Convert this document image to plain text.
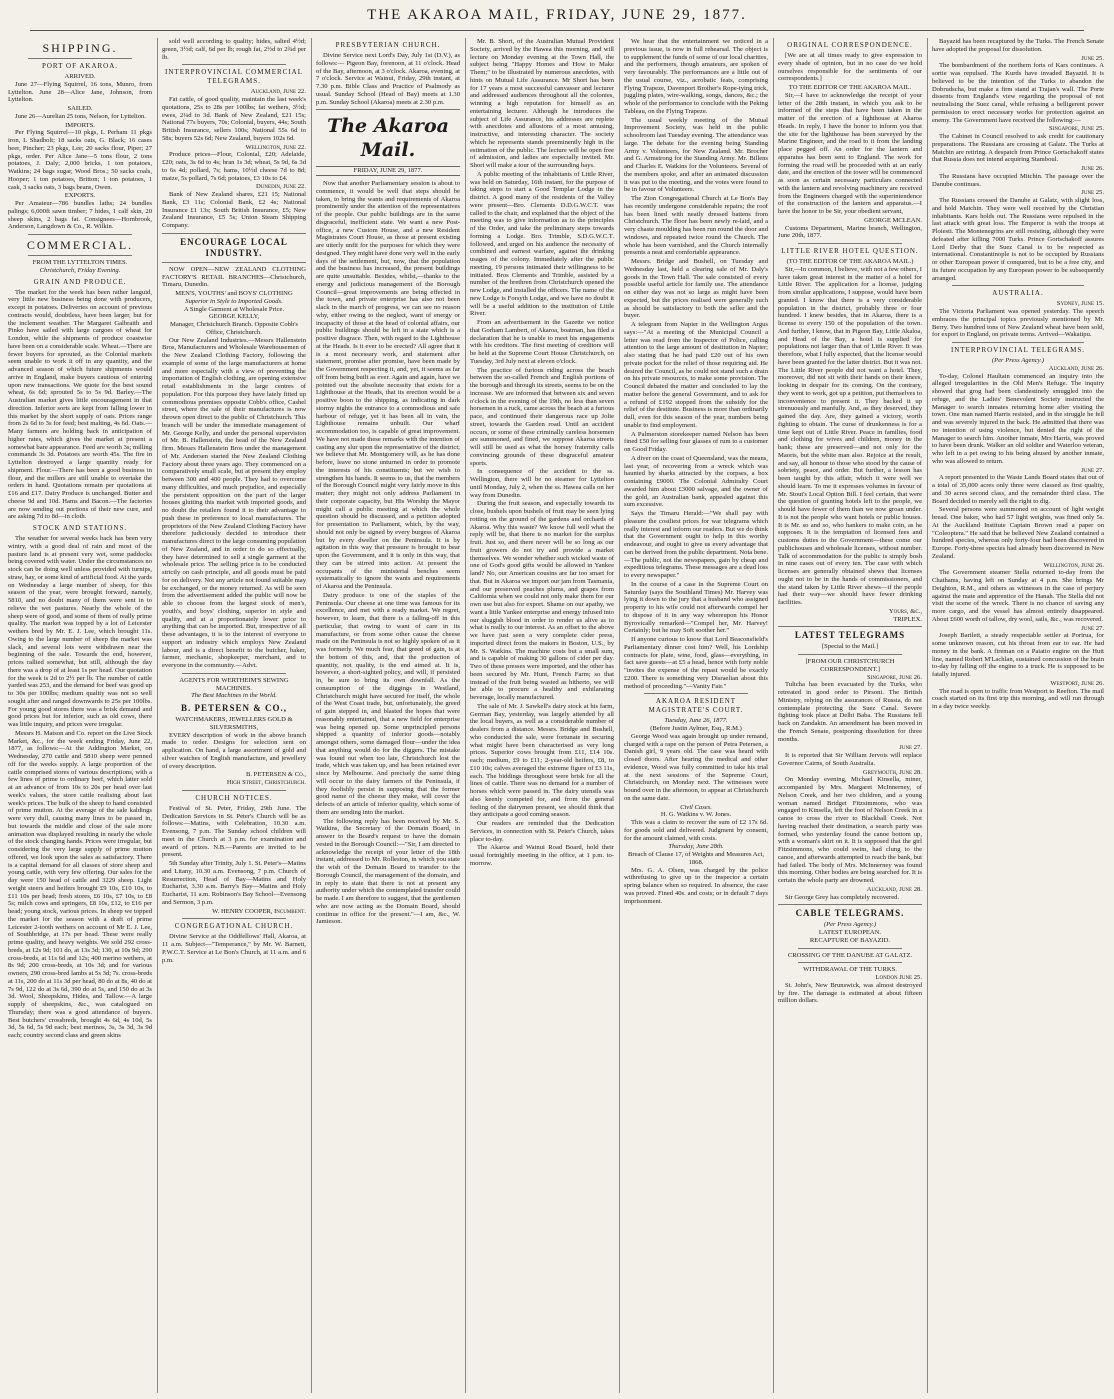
THE AKAROA MAIL, FRIDAY, JUNE 29, 1877.
SHIPPING.
PORT OF AKAROA.
ARRIVED.

June 27—Flying Squirrel, 16 tons, Munro, from Lyttelton. June 28—Alice Jane, Johnson, from Lyttelton.

SAILED.

June 26—Aurelian 25 tons, Nelson, for Lyttelton.

IMPORTS.

Per Flying Squirrel—10 pkgs, L Perham 11 pkgs iron, L Shadbolt; 18 sacks oats, G. Black; 16 cases beer, Pincher; 23 pkgs, Lee; 20 sacks flour, Piper; 27 pkgs, order. Per Alice Jane—5 tons flour, 2 tons potatoes, J. Daly; 2,000 bricks, 1 ton potatoes, Watkins; 24 bags sugar, Wood Bros.; 50 sacks coals, Hooper; 1 ton potatoes, Britton; 1 ton potatoes, 1 cask, 3 sacks oats, 3 bags beans, Owen.

EXPORTS.

Per Amateur—786 bundles laths; 24 bundles palings; 6,000ft sawn timber; 7 hides, 1 calf skin, 20 sheep skins, 2 bags fat. Consignees—Hornbrook, Anderson, Langdown & Co., R. Wilkin.

COMMERCIAL.
FROM THE LYTTELTON TIMES.
Christchurch, Friday Evening.
GRAIN AND PRODUCE.

The market for the week has been rather languid, very little new business being done with producers, except in potatoes. Deliveries on account of previous contracts would, doubtless, have been larger, but for the inclement weather. The Margaret Galbraith and Pinko have sailed with large cargoes of wheat for London, while the shipments of produce coastwise have been on a considerable scale. Wheat.—There are fewer buyers for sprouted, as the Colonial markets seem unable to work it off in any quantity, and the advanced season of which future shipments would arrive in England, make buyers cautious of entering upon new transactions. We quote for the best sound wheat, 6s 6d; sprouted 5s to 5s 9d. Barley.—The Australian market gives little encouragement in that direction. Inferior sorts are kept from falling lower in this market by the short supply of oats. Prices range from 2s 6d to 3s for feed; best malting, 4s 6d. Oats.—Many farmers are holding back in anticipation of higher rates, which gives the market at present a somewhat bare appearance. Feed are worth 3s; milling commands 3s 3d. Potatoes are worth 45s. The fire in Lyttelton destroyed a large quantity ready for shipment. Flour.—There has been a good business in flour, and the millers are still unable to overtake the orders in hand. Quotations remain per quotations at £16 and £17. Dairy Produce is unchanged. Butter and cheese 9d and 10d. Hams and Bacon.—The factories are now sending out portions of their new cure, and are asking 7d to 8d—in cloth.

STOCK AND STATIONS.

The weather for several weeks back has been very wintry, with a good deal of rain and most of the pasture land is at present very wet, some paddocks being covered with water. Under the circumstances no stock can be doing well unless provided with turnips, straw, hay, or some kind of artificial food. At the yards on Wednesday a large number of sheep, for this season of the year, were brought forward, namely, 5810, and no doubt many of them were sent in to relieve the wet pastures. Nearly the whole of the sheep were of good, and some of them of really prime quality. The market was topped by a lot of Leicester wethers bred by Mr. E. J. Lee, which brought 11s. Owing to the large number of sheep the market was slack, and several lots were withdrawn near the beginning of the sale. Towards the end, however, prices rallied somewhat, but still, although the day there was a drop of at least 1s per head. Our quotation for the week is 2d to 2½ per lb. The number of cattle yarded was 253, and the demand for beef was good up to 30s per 100lbs; medium quality was not so well sought after and ranged downwards to 25s per 100lbs. For young good stores there was a brisk demand and good prices but for inferior, such as old cows, there was little inquiry, and prices were irregular.

Messrs H. Matson and Co. report on the Live Stock Market, &c., for the week ending Friday, June 22, 1877, as follows:—At the Addington Market, on Wednesday, 270 cattle and 5810 sheep were penned off for the weeks supply. A large proportion of the cattle comprised stores of various descriptions, with a few lines of prime to ordinary beef, which latter sold at an advance of from 10s to 20s per head over last week's values, the store cattle realising about last week's prices. The bulk of the sheep to hand consisted of prime mutton. At the average of the sale kaldings were very dull, causing many lines to be passed in, but towards the middle and close of the sale more animation was displayed resulting in nearly the whole of the stock changing hands. Prices were irregular, but considering the very large supply of prime mutton offered, we look upon the sales as satisfactory. There is a capital demand for all classes of store sheep and young cattle, with very few offering. Our sales for the day were 150 head of cattle and 3229 sheep. Light weight steers and heifers brought £9 10s, £10 10s, to £11 10s per head; fresh stores, £6 10s, £7 10s, to £8 5s; milch cows and springers, £8 10s, £12, to £16 per head; young stock, various prices. In sheep we topped the market for the season with a draft of prime Leicester 2-tooth wethers on account of Mr E. J. Lee, of Southbridge, at 17s per head. These were really prime quality, and heavy weights. We sold 292 cross-breds, at 12s 9d; 101 do, at 13s 3d; 130, at 10s 9d; 290 cross-breds, at 11s 6d and 12s; 400 merino wethers, at 8s 9d; 200 cross-breds, at 10s 3d; and for various owners, 290 cross-bred lambs at 5s 3d; 7s. cross-breds at 11s, 200 do at 11s 3d per head, 80 do at 8s, 40 do at 7s 9d, 122 do at 3s 6d, 390 do at 5s, and 150 do at 3s 3d. Wool, Sheepskins, Hides, and Tallow.—A large supply of sheepskins, &c., was catalogued on Thursday; there was a good attendance of buyers. Best butchers' crossbreds, brought 4s 6d, 4s 10d, 5s 3d, 5s 6d, 5s 9d each; best merinos, 3s, 3s 3d, 3s 9d each; country second class and green skins

sold well according to quality; hides, salted 4½d; green, 3½d; calf, 6d per lb; rough fat, 2½d to 2¾d per lb.

INTERPROVINCIAL COMMERCIAL TELEGRAMS.
Auckland, June 22.

Fat cattle, of good quality, maintain the last week's quotations, 25s to 28s per 100lbs; fat wethers, 3½d; ewes, 2¼d to 3d. Bank of New Zealand, £21 15s; National 77s buyers, 70s; Colonial, buyers, 44s; South British Insurance, sellers 100s; National 55s 6d to 58s; buyers 52s 6d; New Zealand, buyers 102s 6d.

Wellington, June 22.

Produce prices—Flour, Colonial, £20; Adelaide, £20; oats, 3s 6d to 4s; bran 1s 3d; wheat, 5s 9d, 6s 3d to 6s 4d; pollard, 7s; hams, 10½d cheese 7d to 8d; maize, 5s pollard, 7s 6d; potatoes, £3 10s to £4.

Dunedin, June 22.

Bank of New Zealand shares, £21 15; National Bank, £3 11s; Colonial Bank, £2 4s; National Insurance £1 13s; South British Insurance, £5; New Zealand Insurance, £5 5s; Union Steam Shipping Company.

ENCOURAGE LOCAL INDUSTRY.

NOW OPEN—NEW ZEALAND CLOTHING FACTORY'S RETAIL BRANCHES—Christchurch, Timaru, Dunedin.

MEN'S, YOUTHS' and BOYS' CLOTHING
Superior in Style to Imported Goods.
A Single Garment at Wholesale Price.
GEORGE KELLY,
Manager, Christchurch Branch. Opposite Cobb's Office, Christchurch.

Our New Zealand Industries.—Messrs Hallenstein Bros, Manufacturers and Wholesale Warehousemen of the New Zealand Clothing Factory, following the example of some of the large manufacturers at home and more especially with a view of preventing the importation of English clothing, are opening extensive retail establishments in the large centres of population. For this purpose they have lately fitted up commodious premises opposite Cobb's office, Cashel street, where the sale of their manufactures is now thrown open direct to the public of Christchurch. This branch will be under the immediate management of Mr. George Kelly, and under the personal supervision of Mr. B. Hallenstein, the head of the New Zealand firm. Messrs Hallenstein Bros under the management of Mr. Andersen started the New Zealand Clothing Factory about three years ago. They commenced on a comparatively small scale, but at present they employ between 300 and 400 people. They had to overcome many difficulties, and much prejudice, and especially the persistent opposition on the part of the larger houses glutting this market with imported goods, and no doubt the retailers found it to their advantage to push these in preference to local manufactures. The proprietors of the New Zealand Clothing Factory have therefore judiciously decided to introduce their manufactures direct to the large consuming population of New Zealand, and in order to do so effectually, they have determined to sell a single garment at the wholesale price. The selling price is to be conducted strictly on cash principle, and all goods must be paid for on delivery. Not any article not found suitable may be exchanged, or the money returned. As will be seen from the advertisement added the public will now be able to choose from the largest stock of men's, youth's, and boys' clothing, superior in style and quality, and at a proportionately lower price to anything that can be imported. But, irrespective of all these advantages, it is to the interest of everyone to support an industry which employs New Zealand labour, and is a direct benefit to the butcher, baker, farmer, mechanic, shopkeeper, merchant, and to everyone in the community.—Advt.

AGENTS FOR WERTHEIM'S SEWING MACHINES.
The Best Machines in the World.
B. PETERSEN & CO.,
WATCHMAKERS, JEWELLERS GOLD & SILVERSMITHS,

EVERY description of work in the above branch made to order. Designs for selection sent on application. On hand, a large assortment of gold and silver watches of English manufacture, and jewellery of every description.

B. PETERSEN & Co.,
High Street, Christchurch.
CHURCH NOTICES.

Festival of St. Peter, Friday, 29th June. The Dedication Services in St. Peter's Church will be as follows:—Matins, with Celebration, 10.30 a.m. Evensong, 7 p.m. The Sunday school children will meet in the Church at 3 p.m. for examination and award of prizes. N.B.—Parents are invited to be present.

5th Sunday after Trinity, July 1. St. Peter's—Matins and Litany, 10.30 a.m. Evensong, 7 p.m. Church of Resurrection, Head of Bay—Matins and Holy Eucharist, 3.30 a.m. Barry's Bay—Matins and Holy Eucharist, 11 a.m. Robinson's Bay School—Evensong and Sermon, 3 p.m.

W. HENRY COOPER, Incumbent.
CONGREGATIONAL CHURCH.

Divine Service at the Oddfellows' Hall, Akaroa, at 11 a.m. Subject—"Temperance," by Mr. W. Barnett, P.W.C.T. Service at Le Bon's Church, at 11 a.m. and 6 p.m.

PRESBYTERIAN CHURCH.

Divine Service next Lord's Day, July 1st (D.V.), as follows:— Pigeon Bay, forenoon, at 11 o'clock. Head of the Bay, afternoon, at 3 o'clock. Akaroa, evening, at 7 o'clock. Service at Wainui, Friday, 29th instant, at 7.30 p.m. Bible Class and Practice of Psalmody as usual. Sunday School (Head of Bay) meets at 1.30 p.m. Sunday School (Akaroa) meets at 2.30 p.m.

The Akaroa Mail.
FRIDAY, JUNE 29, 1877.

Now that another Parliamentary session is about to commence, it would be well that steps should be taken, to bring the wants and requirements of Akaroa prominently under the attention of the representatives of the people. Our public buildings are in the same disgraceful, inefficient state. We want a new Post-office, a new Custom House, and a new Resident Magistrates Court House, as those at present existing are utterly unfit for the purposes for which they were designed. They might have done very well in the early days of the settlement, but, now, that the population and the business has increased, the present buildings are quite unsuitable. Besides, whilst,—thanks to the energy and judicious management of the Borough Council—great improvements are being effected in the town, and private enterprise has also not been slack in the march of progress, we can see no reason why, either owing to the neglect, want of energy or incapacity of those at the head of colonial affairs, our public buildings should be left in a state which is a positive disgrace. Then, with regard to the Lighthouse at the Heads. Is it ever to be erected? All agree that it is a most necessary work, and statement after statement, promise after promise, have been made by the Government respecting it, and, yet, it seems as far off from being built as ever. Again and again, have we pointed out the absolute necessity that exists for a Lighthouse at the Heads, that its erection would be a positive boon to the shipping, as indicating in dark stormy nights the entrance to a commodious and safe harbour of refuge, yet it has been all in vain, the Lighthouse remains unbuilt. Our wharf accommodation too, is capable of great improvement. We have not made these remarks with the intention of casting any slur upon the representative of the district; we believe that Mr. Montgomery will, as he has done before, leave no stone unturned in order to promote the interests of his constituents; but we wish to strengthen his hands. It seems to us, that the members of the Borough Council might very fairly move in this matter; they might not only address Parliament in their corporate capacity, but His Worship the Mayor might call a public meeting at which the whole question should be discussed, and a petition adopted for presentation to Parliament, which, by the way, should not only be signed by every burgess of Akaroa but by every dweller on the Peninsula. It is by agitation in this way that pressure is brought to bear upon the Government, and it is only in this way, that they can be stirred into action. At present the occupants of the ministerial benches seem systematically to ignore the wants and requirements of Akaroa and the Peninsula.

Dairy produce is one of the staples of the Peninsula. Our cheese at one time was famous for its excellence, and met with a ready market. We regret, however, to learn, that there is a falling-off in this particular, that owing to want of care in its manufacture, or from some other cause the cheese made on the Peninsula is not so highly spoken of as it was formerly. We much fear, that greed of gain, is at the bottom of this, and, that the production of quantity, not quality, is the end aimed at. It is, however, a short-sighted policy, and will, if persisted in, be sure to bring its own downfall. As the consumption of the diggings in Westland, Christchurch might have secured for itself, the whole of the West Coast trade, but, unfortunately, the greed of gain stepped in, and blasted the hopes that were reasonably entertained, that a new field for enterprise was being opened up. Some unprincipled persons shipped a quantity of inferior goods—notably amongst others, some damaged flour—under the idea that anything would do for the diggers. The mistake was found out when too late, Christchurch lost the trade, which was taken up, and has been retained ever since by Melbourne. And precisely the same thing will occur to the dairy farmers of the Peninsula, if they foolishly persist in supposing that the former good name of the cheese they make, will cover the defects of an article of inferior quality, which some of them are sending into the market.

The following reply has been received by Mr. S. Watkins, the Secretary of the Domain Board, in answer to the Board's request to have the domain vested in the Borough Council:—"Sir, I am directed to acknowledge the receipt of your letter of the 18th instant, addressed to Mr. Rolleston, in which you state the wish of the Domain Board to transfer to the Borough Council, the management of the domain, and in reply to state that there is not at present any authority under which the contemplated transfer could be made. I am therefore to suggest, that the gentlemen who are now acting as the Domain Board, should continue in office for the present."—I am, &c., W. Jamieson.

Mr. B. Short, of the Australian Mutual Provident Society, arrived by the Hawea this morning, and will lecture on Monday evening at the Town Hall, the subject being "Happy Homes and How to Make Them;" to be illustrated by numerous anecdotes, with hints on Mutual Life Assurance. Mr Short has been for 17 years a most successful canvasser and lecturer and addressed audiences throughout all the colonies, winning a high reputation for himself as an entertaining lecturer. Although he introduces the subject of Life Assurance, his addresses are replete with anecdotes and allusions of a most amusing, instructive, and interesting character. The society which he represents stands preeminently high in the estimation of the public. The lecture will be open free of admission, and ladies are especially invited. Mr. Short will make a tour of the surrounding bays.

A public meeting of the inhabitants of Little River, was held on Saturday, 16th instant, for the purpose of taking steps to start a Good Templar Lodge in the district. A good many of the residents of the Valley were present—Bro. Clements D.D.G.W.C.T. was called to the chair, and explained that the object of the meeting was to give information as to the principles of the Order, and take the preliminary steps towards forming a Lodge. Bro. Trimble, S.D.G.W.C.T. followed, and urged on his audience the necessity of combined and earnest warfare, against the drinking usages of the colony. Immediately after the public meeting, 19 persons intimated their willingness to be initiated. Bros Clements and Trimble, assisted by a number of the brethren from Christchurch opened the new Lodge, and installed the officers. The name of the new Lodge is Forsyth Lodge, and we have no doubt it will be a useful addition to the institution of Little River.

From an advertisement in the Gazette we notice that Gorham Lambert, of Akaroa, boatman, has filed a declaration that he is unable to meet his engagements with his creditors. The first meeting of creditors will be held at the Supreme Court House Christchurch, on Tuesday, 3rd July next at eleven o'clock.

The practice of furious riding across the beach between the so-called French and English portions of the borough and through its streets, seems to be on the increase. We are informed that between six and seven o'clock in the evening of the 19th, no less than seven horsemen in a ruck, came across the beach at a furious pace, and continued their dangerous race up Jolie street, towards the Garden road. Until an accident occurs, or some of these criminally careless horsemen are summoned, and fined, we suppose Akaroa streets will still be used as what the horsey fraternity calls convincing grounds of these disgraceful amateur sports.

In consequence of the accident to the ss. Wellington, there will be no steamer for Lyttelton until Monday, July 2, when the ss. Hawea calls on her way from Dunedin.

During the fruit season, and especially towards its close, bushels upon bushels of fruit may be seen lying rotting on the ground of the gardens and orchards of Akaroa. Why this waste? We know full well what the reply will be, that there is no market for the surplus fruit. Just so, and there never will be so long as our fruit growers do not try and provide a market themselves. We wonder whether such wicked waste of one of God's good gifts would be allowed in Yankee land? No, our American cousins are far too smart for that. But in Akaroa we import our jam from Tasmania, and our preserved peaches plums, and grapes from California when we could not only make them for our own use but also for export. Shame on our apathy, we want a little Yankee enterprise and energy infused into our sluggish blood in order to render us alive as to what is really to our interest. As an offset to the above we have just seen a very complete cider press, imported direct from the makers in Boston, U.S., by Mr. S. Watkins. The machine costs but a small sum, and is capable of making 30 gallons of cider per day. Two of these presses were imported, and the other has been secured by Mr. Hunt, French Farm; so that instead of the fruit being wasted as hitherto, we will be able to procure a healthy and exhilarating beverage, locally manufactured.

The sale of Mr. J. Sawkell's dairy stock at his farm, German Bay, yesterday, was largely attended by all the local buyers, as well as a considerable number of dealers from a distance. Messrs. Bridge and Bushell, who conducted the sale, were fortunate in securing what might have been characterised as very long prices. Superior cows brought from £11, £14 10s. each; medium, £9 to £11; 2-year-old heifers, £8, to £10 10s; calves averaged the extreme figure of £3 11s, each. The biddings throughout were brisk for all the lines of cattle. There was no demand for a number of horses which were passed in. The dairy utensils was also keenly competed for, and from the general feeling of the dairymen present, we should think that they anticipate a good coming season.

Our readers are reminded that the Dedication Services, in connection with St. Peter's Church, takes place to-day.

The Akaroa and Wainui Road Board, hold their usual fortnightly meeting in the office, at 1 p.m. to-morrow.

We hear that the entertainment we noticed in a previous issue, is now in full rehearsal. The object is to supplement the funds of some of our local charities, and the performers, though amateurs, are spoken of very favourably. The performances are a little out of the usual course, viz., acrobatic feats, comprising Flying Trapeze, Davenport Brother's Rope-tying trick, juggling plates, wire-walking, songs, dances, &c.; the whole of the performance to conclude with the Peking Tableau, on the Flying Trapeze.

The usual weekly meeting of the Mutual Improvement Society, was held in the public schoolroom last Tuesday evening. The attendance was large. The debate for the evening being Standing Army v. Volunteers, for New Zealand. Mr. Brocher and G. Armstrong for the Standing Army. Mr. Billens and Charles E. Watkins for the Volunteers. Several of the members spoke, and after an animated discussion it was put to the meeting, and the votes were found to be in favour of Volunteers.

The Zion Congregational Church at Le Bon's Bay has recently undergone considerable repairs; the roof has been lined with neatly dressed battens from Christchurch. The floor has been newly re-laid, and a very chaste moulding has been run round the door and windows, and repeated twice round the Church. The whole has been varnished, and the Church internally presents a neat and comfortable appearance.

Messrs. Bridge and Bushell, on Tuesday and Wednesday last, held a clearing sale of Mr. Daly's goods in the Town Hall. The sale consisted of every possible useful article for family use. The attendance on either day was not so large as might have been expected, but the prices realised were generally such as should be satisfactory to both the seller and the buyer.

A telegram from Napier in the Wellington Argus says:—"At a meeting of the Municipal Council a letter was read from the Inspector of Police, calling attention to the large amount of destitution in Napier; also stating that he had paid £20 out of his own private pocket for the relief of those requiring aid. He desired the Council, as he could not stand such a drain on his private resources, to make some provision. The Council debated the matter and concluded to lay the matter before the general Government, and to ask for a refund of £192 stopped from the subsidy for the relief of the destitute. Business is more than ordinarily dull, even for this season of the year, numbers being unable to find employment.

A Palmerston storekeeper named Nelson has been fined £50 for selling four glasses of rum to a customer on Good Friday.

A diver on the coast of Queensland, was the means, last year, of recovering from a wreck which was haunted by sharks attracted by the corpses, a box containing £9000. The Colonial Admiralty Court awarded him about £3000 salvage, and the owner of the gold, an Australian bank, appealed against this sum excessive.

Says the Timaru Herald:—"We shall pay with pleasure the costliest prices for war telegrams which really interest and inform our readers. But we do think that the Government ought to help in this worthy endeavour, and ought to give us every advantage that can be derived from the public department. Nota bene.—The public, not the newspapers, gain by cheap and expeditious telegrams. These messages are a dead loss to every newspaper."

In the course of a case in the Supreme Court on Saturday (says the Southland Times) Mr. Harvey was lying it down to the jury that a husband who assigned property to his wife could not afterwards compel her to dispose of it in any way whereupon his Honor Byrovically remarked—"Compel her, Mr. Harvey! Certainly; but he may Soft soother her."

If anyone curious to know that Lord Beaconsfield's Parliamentary dinner cost him? Well, his Lordship contracts for plate, wine, food, glass—everything, in fact save guests—at £5 a head, hence with forty noble "invites the expense of the repast would be exactly £200. There is something very Disraelian about this method of proceeding."—Vanity Fair."

AKAROA RESIDENT MAGISTRATE'S COURT.
Tuesday, June 26, 1877.
(Before Justin Aylmer, Esq., R.M.)

George Wood was again brought up under remand, charged with a rape on the person of Petra Petersen, a Danish girl, 9 years old. The case was heard with closed doors. After hearing the medical and other evidence, Wood was fully committed to take his trial at the next sessions of the Supreme Court, Christchurch, on Monday next. The witnesses were bound over in the afternoon, to appear at Christchurch on the same date.

Civil Cases.
H. G. Watkins v. W. Jones.

This was a claim to recover the sum of £2 17s 6d. for goods sold and delivered. Judgment by consent, for the amount claimed, with costs.

Thursday, June 28th.
Breach of Clause 17, of Weights and Measures Act, 1868.

Mrs. G. A. Olsen, was charged by the police withrefusing to give up to the inspector a certain spring balance when so required. In absence, the case was proved. Fined 40s. and costs; or in default 7 days imprisonment.

ORIGINAL CORRESPONDENCE.

[We are at all times ready to give expression to every shade of opinion, but in no case do we hold ourselves responsible for the sentiments of our correspondents.]

TO THE EDITOR OF THE AKAROA MAIL.

Sir,—I have to acknowledge the receipt of your letter of the 28th instant, in which you ask to be informed of the steps that have been taken in the matter of the erection of a lighthouse at Akaroa Heads. In reply, I have the honor to inform you that the site for the lighthouse has been surveyed by the Marine Engineer, and the road to it from the landing place pegged off. An order for the lantern and apparatus has been sent to England. The work for forming the road will be proceeded with at an early date, and the erection of the tower will be commenced as soon as certain necessary particulars connected with the lantern and revolving machinery are received from the Engineers charged with the superintendence of the construction of the lantern and apparatus.—I have the honor to be Sir, your obedient servant,

GEORGE MCLEAN.

Customs Department, Marine branch, Wellington, June 20th, 1877.

LITTLE RIVER HOTEL QUESTION.
(TO THE EDITOR OF THE AKAROA MAIL.)

Sir,—In common, I believe, with not a few others, I have taken great interest in the matter of a hotel for Little River. The application for a license, judging from similar applications, I suppose, would have been granted. I know that there is a very considerable population in the district, probably three or four hundred. I knew besides, that in Akaroa, there is a license to every 150 of the population of the town. And further, I know, that in Pigeon Bay, Little Akaloa, and Head of the Bay, a hotel is supplied for populations not larger than that of Little River. It was therefore, what I fully expected, that the license would have been granted for the latter district. But it was not. The Little River people did not want a hotel. They, moreover, did not sit with their hands on their knees, looking in despair for its coming. On the contrary, they went to work, got up a petition, put themselves to inconvenience to present it. They backed it up strenuously and manfully. And, as they deserved, they gained the day. Are, they gained a victory, worth fighting to obtain. The curse of drunkenness is for a time kept out of Little River. Peace in families, food and clothing for wives and children, money in the bank; these are preserved—and not only for the Maoris, but the white man also. Rejoice at the result, and say, all honour to those who stood by the cause of sobriety, peace, and order. But further, a lesson has been taught by this affair, which it were well we should learn. To me it expresses volumes in favour of Mr. Stout's Local Option Bill. I feel certain, that were the question of granting hotels left to the people, we should have fewer of them than we now groan under. It is not the people who want hotels or public houses. It is Mr. so and so, who hankers to make coin, as he supposes. It is the temptation of licensed fees and customs duties to the Government—these come our publichouses and wholesale licenses, without number. Talk of accommodation for the public is simply bosh in nine cases out of every ten. The case with which licenses are generally obtained shews that licenses ought not to be in the hands of commissioners, and the stand taken by Little River shews—if the people had their way—we should have fewer drinking facilities.

Yours, &c.,
TRIPLEX.
LATEST TELEGRAMS
[Special to the Mail.]
[FROM OUR CHRISTCHURCH CORRESPONDENT.]
Singapore, June 26.

Tultcha has been evacuated by the Turks, who retreated in good order to Pirsoni. The British Ministry, relying on the assurances of Russia, do not contemplate protecting the Suez Canal. Severe fighting took place at Delhi Baba. The Russians fell back on Zandakin. An amendment has been moved in the French Senate, postponing dissolution for three months.

June 27.

It is reported that Sir William Jervois will replace Governor Cairns, of South Australia.

Greymouth, June 28.

On Monday evening, Michael Kinsella, miner, accompanied by Mrs. Margaret McInnerney, of Nelson Creek, and her two children, and a young woman named Bridget Fitzsimmons, who was engaged to Kinsella, left the foot of Nelson Creek in a canoe to cross the river to Blackball Creek. Not having reached their destination, a search party was formed, who yesterday found the canoe bottom up, with a woman's skirt on it. It is supposed that the girl Fitzsimmons, who could swim, had clung to the canoe, and afterwards attempted to reach the bank, but had failed. The body of Mrs. McInnerney was found this morning. Other bodies are being searched for. It is certain the whole party are drowned.

Auckland, June 28.

Sir George Grey has completely recovered.

CABLE TELEGRAMS.
(Per Press Agency.)
LATEST EUROPEAN.
RECAPTURE OF BAYAZID.
CROSSING OF THE DANUBE AT GALATZ.
WITHDRAWAL OF THE TURKS.
London June 25.

St. John's, New Brunswick, was almost destroyed by fire. The damage is estimated at about fifteen million dollars.

Bayazid has been recaptured by the Turks. The French Senate have adopted the proposal for dissolution.

June 25.

The bombardment of the northern forts of Kars continues. A sortie was repulsed. The Kurds have invaded Bayazid. It is believed to be the intention of the Turks to abandon the Dobrudscha, but make a firm stand at Trajan's wall. The Porte dissents from England's view regarding the proposal of not neutralising the Suez canal, while refusing a belligerent power permission to erect necessary works for protection against an enemy. The Government have received the following:—

Singapore, June 25.

The Cabinet in Council resolved to ask credit for cautionary preparations. The Russians are crossing at Galatz. The Turks at Matchin are retiring. A despatch from Prince Gortschakoff states that Russia does not intend acquiring Stamboul.

June 26.

The Russians have occupied Mitchin. The passage over the Danube continues.

June 25.

The Russians crossed the Danube at Galatz, with slight loss, and hold Matchin. They were well received by the Christian inhabitants. Kars holds out. The Russians were repulsed in the last attack with great loss. The Emperor is with the troops at Ploiesti. The Montenegrins are still resisting, although they were defeated after killing 7000 Turks. Prince Gortschakoff assures Lord Derby that the Suez Canal is to be respected as international. Constantinople is not to be occupied by Russians or other European power if conquered, but to be a free city, and its future occupation by any European power to be subsequently arranged.

AUSTRALIA.
Sydney, June 15.

The Victoria Parliament was opened yesterday. The speech embraces the principal topics previously mentioned by Mr. Berry. Two hundred tons of New Zealand wheat have been sold, for export to England, on private terms. Arrived—Wakatipu.

INTERPROVINCIAL TELEGRAMS.
(Per Press Agency.)
Auckland, June 26.

To-day, Colonel Haultain commenced an inquiry into the alleged irregularities in the Old Men's Refuge. The inquiry showed that grog had been clandestinely smuggled into the refuge, and the Ladies' Benevolent Society instructed the Manager to search inmates returning home after visiting the town. One man named Harris resisted, and in the struggle he fell and was severely injured in the back. He admitted that there was no intention of using violence, but denied the right of the Manager to search him. Another inmate, Mrs Harris, was proved to have been drunk. Walker an old soldier and Waterloo veteran, who left in a pet owing to his being abused by another inmate, who was allowed to return.

June 27.

A report presented to the Waste Lands Board states that out of a total of 35,000 acres only three were classed as first quality, and 30 acres second class, and the remainder third class. The Board decided to merely sell the right to dig.

Several persons were summoned on account of light weight bread. One baker, who had 57 light weights, was fined only 5s. At the Auckland Institute Captain Brown read a paper on "Coleoptera." He said that he believed New Zealand contained a hundred species, whereas only forty-four had been discovered in Europe. Forty-three species had already been discovered in New Zealand.

Wellington, June 26.

The Government steamer Stella returned to-day from the Chathams, having left on Sunday at 4 p.m. She brings Mr Deighton, R.M., and others as witnesses in the case of perjury against the mate and apprentice of the Hanah. The Stella did not visit the scene of the wreck. There is no chance of saving any more cargo, and the vessel has almost entirely disappeared. About £600 worth of tallow, dry wool, sails, &c., was recovered.

June 27.

Joseph Bartlett, a steady respectable settler at Porirua, for some unknown reason, cut his throat from ear to ear. He had money in the bank. A fireman on a Paiatio engine on the Hutt line, named Robert M'Lachlan, sustained concussion of the brain to-day by falling off the engine to a truck. He is supposed to be fatally injured.

Westport, June 26.

The road is open to traffic from Westport to Reefton. The mail coach started on its first trip this morning, and will run through in a day twice weekly.
